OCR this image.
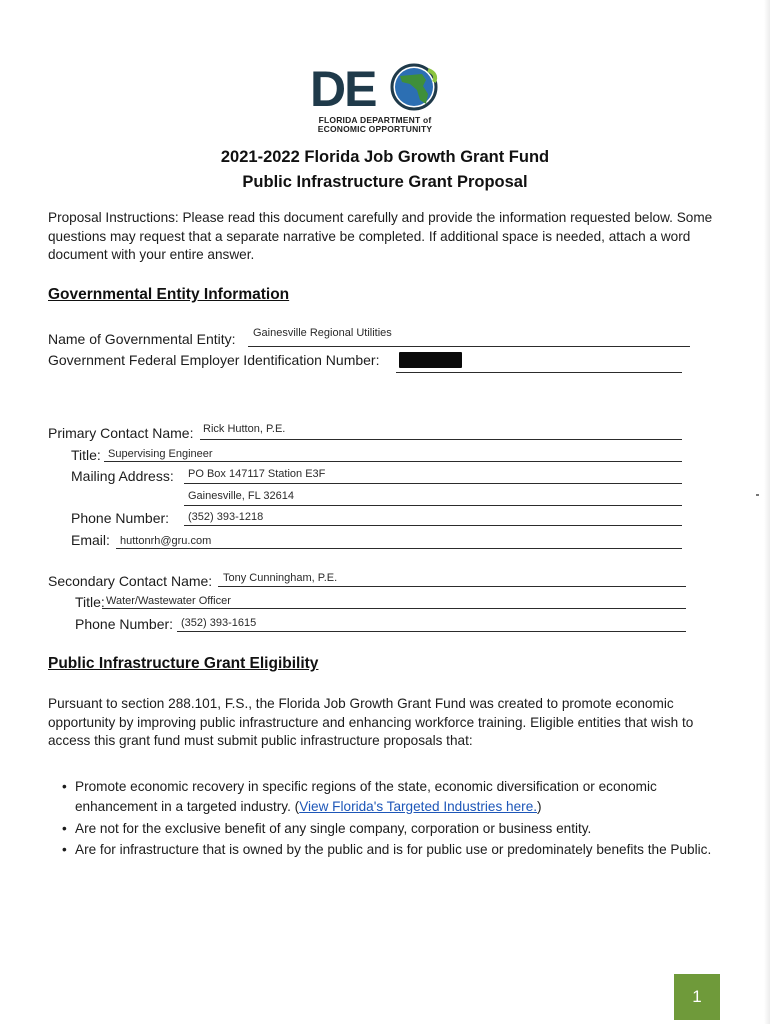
DE
FLORIDA DEPARTMENT of
ECONOMIC OPPORTUNITY
2021-2022 Florida Job Growth Grant Fund
Public Infrastructure Grant Proposal
Proposal Instructions: Please read this document carefully and provide the information requested below. Some questions may request that a separate narrative be completed. If additional space is needed, attach a word document with your entire answer.
Governmental Entity Information
Name of Governmental Entity: Gainesville Regional Utilities
Government Federal Employer Identification Number:
Primary Contact Name: Rick Hutton, P.E.
Title: Supervising Engineer
Mailing Address: PO Box 147117 Station E3F
Gainesville, FL 32614
Phone Number: (352) 393-1218
Email: huttonrh@gru.com
Secondary Contact Name: Tony Cunningham, P.E.
Title: Water/Wastewater Officer
Phone Number: (352) 393-1615
Public Infrastructure Grant Eligibility
Pursuant to section 288.101, F.S., the Florida Job Growth Grant Fund was created to promote economic opportunity by improving public infrastructure and enhancing workforce training. Eligible entities that wish to access this grant fund must submit public infrastructure proposals that:
• Promote economic recovery in specific regions of the state, economic diversification or economic enhancement in a targeted industry. (View Florida's Targeted Industries here.)
• Are not for the exclusive benefit of any single company, corporation or business entity.
• Are for infrastructure that is owned by the public and is for public use or predominately benefits the Public.
1
